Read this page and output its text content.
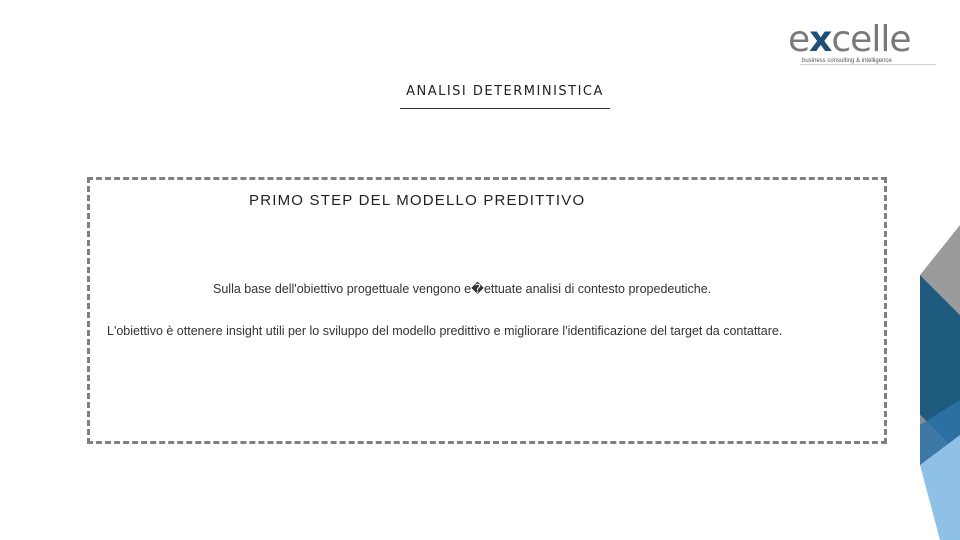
excelle
business consulting & intelligence
ANALISI DETERMINISTICA
PRIMO STEP DEL MODELLO PREDITTIVO
Sulla base dell'obiettivo progettuale vengono e�ettuate analisi di contesto propedeutiche.
L'obiettivo è ottenere insight utili per lo sviluppo del modello predittivo e migliorare l'identificazione del target da contattare.
